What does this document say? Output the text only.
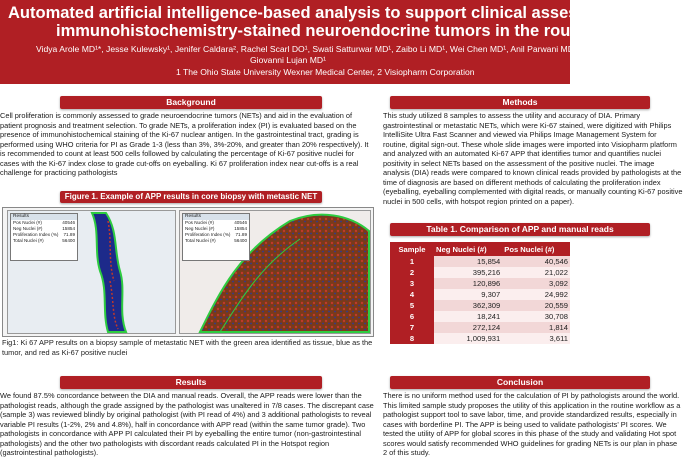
Automated artificial intelligence-based analysis to support clinical assessment of
immunohistochemistry-stained neuroendocrine tumors in the routine workflow
Vidya Arole MD¹*, Jesse Kulewsky¹, Jenifer Caldara², Rachel Scarl DO¹, Swati Satturwar MD¹, Zaibo Li MD¹, Wei Chen MD¹, Anil Parwani MD¹,
Giovanni Lujan MD¹
1 The Ohio State University Wexner Medical Center, 2 Visiopharm Corporation
Background

Cell proliferation is commonly assessed to grade neuroendocrine tumors (NETs) and aid in the evaluation of patient prognosis and treatment selection. To grade NETs, a proliferation index (PI) is evaluated based on the presence of immunohistochemical staining of the Ki-67 nuclear antigen. In the gastrointestinal tract, grading is performed using WHO criteria for PI as Grade 1-3 (less than 3%, 3%-20%, and greater than 20% respectively). It is recommended to count at least 500 cells followed by calculating the percentage of Ki-67 positive nuclei for cases with the Ki-67 index close to grade cut-offs on eyeballing. Ki 67 proliferation index near cut-offs is a real challenge for practicing pathologists

Figure 1. Example of APP results in core biopsy with metastic NET
Results
Pos Nuclei (#)	40546
Neg Nuclei (#)	15854
Proliferation Index (%) 71.89
Total Nuclei (#)	56400
Results
Pos Nuclei (#)	40546
Neg Nuclei (#)	15854
Proliferation Index (%) 71.89
Total Nuclei (#)	56400
Fig1: Ki 67 APP results on a biopsy sample of metastatic NET with the green area identified as tissue, blue as the tumor, and red as Ki-67 positive nuclei
Results

We found 87.5% concordance between the DIA and manual reads. Overall, the APP reads were lower than the pathologist reads, although the grade assigned by the pathologist was unaltered in 7/8 cases. The discrepant case (sample 3) was reviewed blindly by original pathologist (with PI read of 4%) and 3 additional pathologists to reveal variable PI results (1-2%, 2% and 4.8%), half in concordance with APP read (within the same tumor grade). Two pathologists in concordance with APP PI calculated their PI by eyeballing the entire tumor (non-gastrointestinal pathologists) and the other two pathologists with discordant reads calculated PI in the Hotspot region (gastrointestinal pathologists).

Methods

This study utilized 8 samples to assess the utility and accuracy of DIA. Primary gastrointestinal or metastatic NETs, which were Ki-67 stained, were digitized with Philips IntelliSite Ultra Fast Scanner and viewed via Philips Image Management System for routine, digital sign-out. These whole slide images were imported into Visiopharm platform and analyzed with an automated Ki-67 APP that identifies tumor and quantifies nuclei positivity in select NETs based on the assessment of the positive nuclei. The image analysis (DIA) reads were compared to known clinical reads provided by pathologists at the time of diagnosis are based on different methods of calculating the proliferation index (eyeballing, eyeballing complemented with digital reads, or manually counting Ki-67 positive nuclei in 500 cells, with hotspot region printed on a paper).

Table 1. Comparison of APP and manual reads
Sample	Neg Nuclei (#)	Pos Nuclei (#)
1	15,854	40,546
2	395,216	21,022
3	120,896	3,092
4	9,307	24,992
5	362,309	20,559
6	18,241	30,708
7	272,124	1,814
8	1,009,931	3,611
Conclusion

There is no uniform method used for the calculation of PI by pathologists around the world. This limited sample study proposes the utility of this application in the routine workflow as a pathologist support tool to save labor, time, and provide standardized results, especially in cases with borderline PI. The APP is being used to validate pathologists' PI scores. We tested the utility of APP for global scores in this phase of the study and validating Hot spot scores would satisfy recommended WHO guidelines for grading NETs is our plan in phase 2 of this study.
